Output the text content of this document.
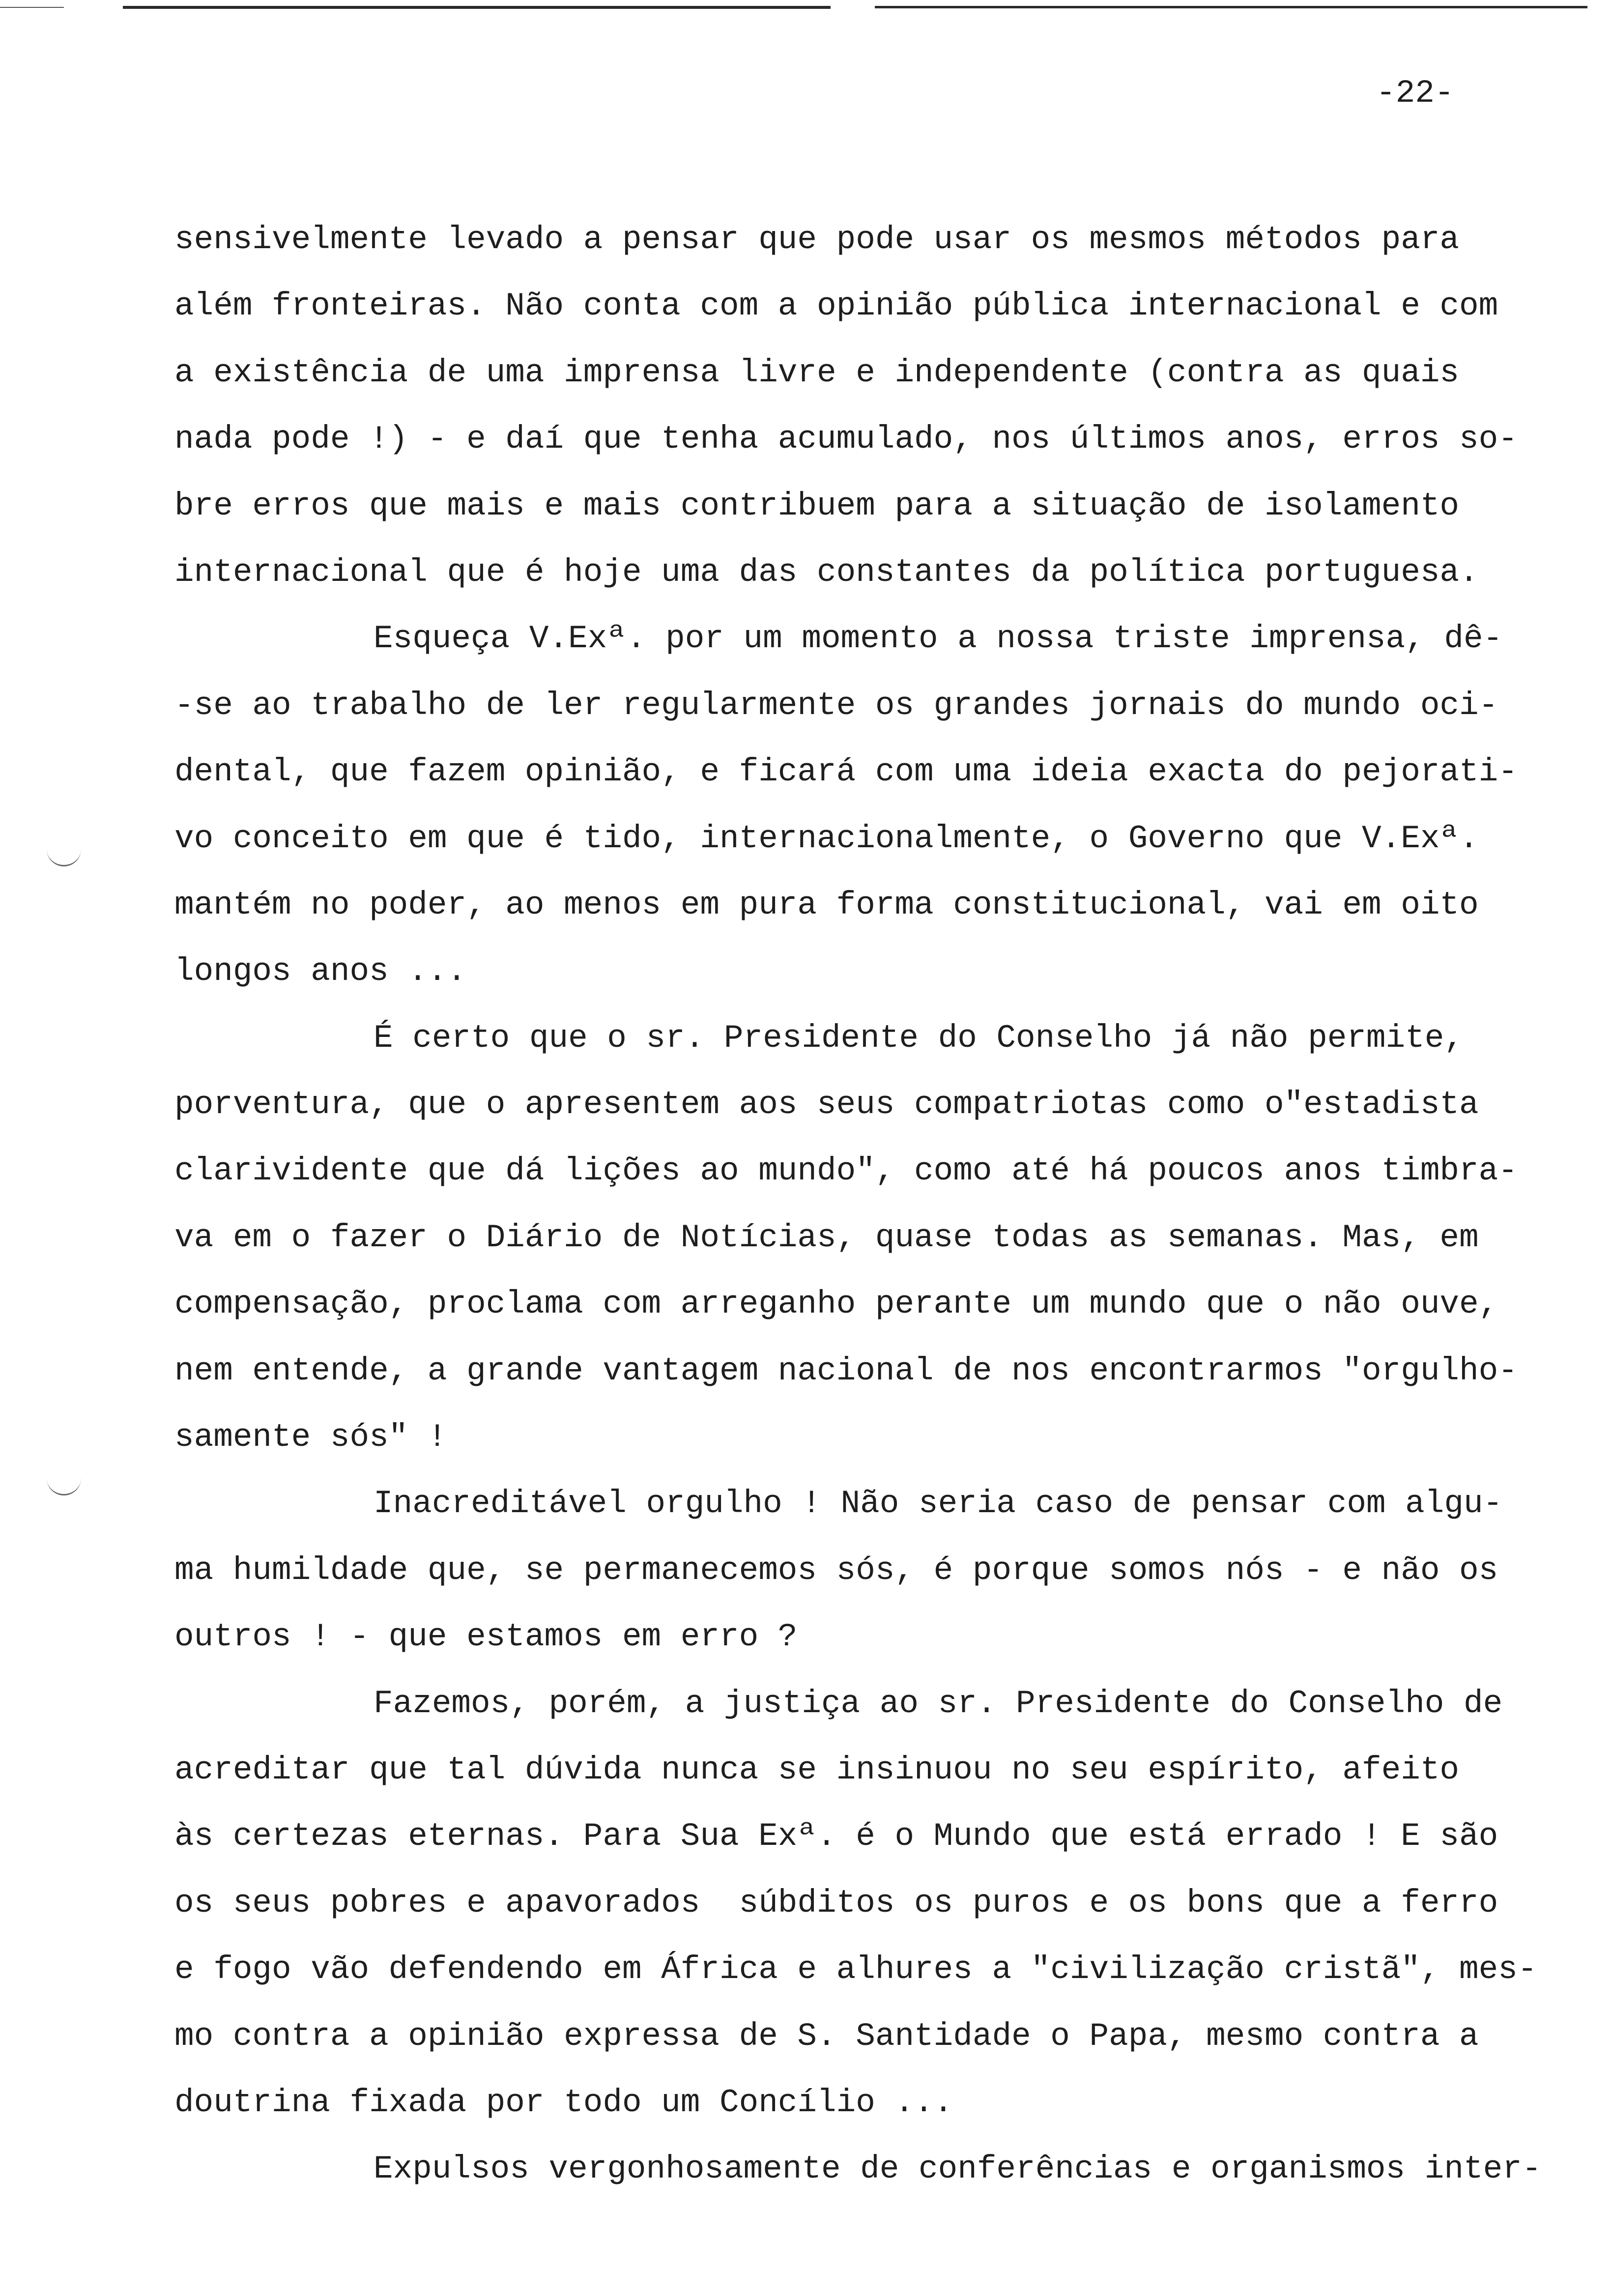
-22-
sensivelmente levado a pensar que pode usar os mesmos métodos para
além fronteiras. Não conta com a opinião pública internacional e com
a existência de uma imprensa livre e independente (contra as quais
nada pode !) - e daí que tenha acumulado, nos últimos anos, erros so-
bre erros que mais e mais contribuem para a situação de isolamento
internacional que é hoje uma das constantes da política portuguesa.
Esqueça V.Exª. por um momento a nossa triste imprensa, dê-
-se ao trabalho de ler regularmente os grandes jornais do mundo oci-
dental, que fazem opinião, e ficará com uma ideia exacta do pejorati-
vo conceito em que é tido, internacionalmente, o Governo que V.Exª.
mantém no poder, ao menos em pura forma constitucional, vai em oito
longos anos ...
É certo que o sr. Presidente do Conselho já não permite,
porventura, que o apresentem aos seus compatriotas como o"estadista
clarividente que dá lições ao mundo", como até há poucos anos timbra-
va em o fazer o Diário de Notícias, quase todas as semanas. Mas, em
compensação, proclama com arreganho perante um mundo que o não ouve,
nem entende, a grande vantagem nacional de nos encontrarmos "orgulho-
samente sós" !
Inacreditável orgulho ! Não seria caso de pensar com algu-
ma humildade que, se permanecemos sós, é porque somos nós - e não os
outros ! - que estamos em erro ?
Fazemos, porém, a justiça ao sr. Presidente do Conselho de
acreditar que tal dúvida nunca se insinuou no seu espírito, afeito
às certezas eternas. Para Sua Exª. é o Mundo que está errado ! E são
os seus pobres e apavorados  súbditos os puros e os bons que a ferro
e fogo vão defendendo em África e alhures a "civilização cristã", mes-
mo contra a opinião expressa de S. Santidade o Papa, mesmo contra a
doutrina fixada por todo um Concílio ...
Expulsos vergonhosamente de conferências e organismos inter-
